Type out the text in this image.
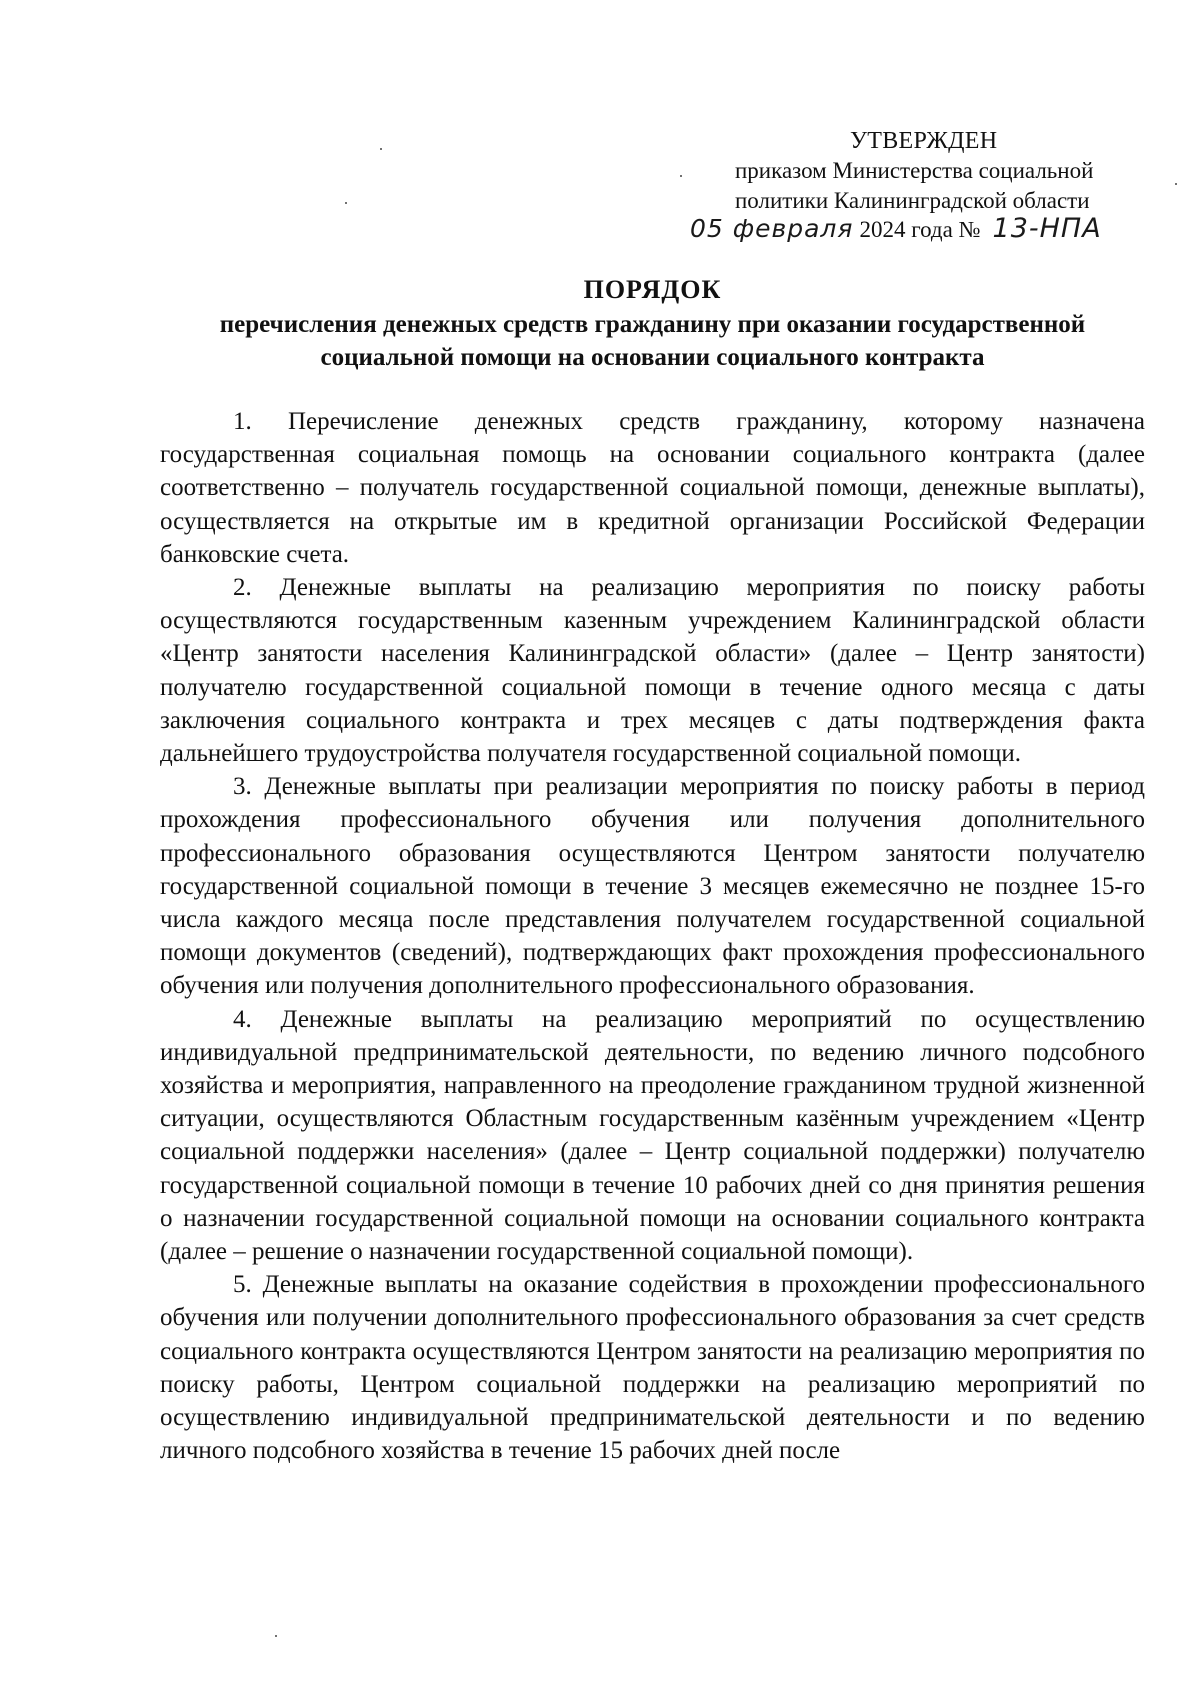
УТВЕРЖДЕН
приказом Министерства социальной
политики Калининградской области
05 февраля 2024 года № 13-НПА
ПОРЯДОК
перечисления денежных средств гражданину при оказании государственной
социальной помощи на основании социального контракта

1. Перечисление денежных средств гражданину, которому назначена государственная социальная помощь на основании социального контракта (далее соответственно – получатель государственной социальной помощи, денежные выплаты), осуществляется на открытые им в кредитной организации Российской Федерации банковские счета.

2. Денежные выплаты на реализацию мероприятия по поиску работы осуществляются государственным казенным учреждением Калининградской области «Центр занятости населения Калининградской области» (далее – Центр занятости) получателю государственной социальной помощи в течение одного месяца с даты заключения социального контракта и трех месяцев с даты подтверждения факта дальнейшего трудоустройства получателя государственной социальной помощи.

3. Денежные выплаты при реализации мероприятия по поиску работы в период прохождения профессионального обучения или получения дополнительного профессионального образования осуществляются Центром занятости получателю государственной социальной помощи в течение 3 месяцев ежемесячно не позднее 15-го числа каждого месяца после представления получателем государственной социальной помощи документов (сведений), подтверждающих факт прохождения профессионального обучения или получения дополнительного профессионального образования.

4. Денежные выплаты на реализацию мероприятий по осуществлению индивидуальной предпринимательской деятельности, по ведению личного подсобного хозяйства и мероприятия, направленного на преодоление гражданином трудной жизненной ситуации, осуществляются Областным государственным казённым учреждением «Центр социальной поддержки населения» (далее – Центр социальной поддержки) получателю государственной социальной помощи в течение 10 рабочих дней со дня принятия решения о назначении государственной социальной помощи на основании социального контракта (далее – решение о назначении государственной социальной помощи).

5. Денежные выплаты на оказание содействия в прохождении профессионального обучения или получении дополнительного профессионального образования за счет средств социального контракта осуществляются Центром занятости на реализацию мероприятия по поиску работы, Центром социальной поддержки на реализацию мероприятий по осуществлению индивидуальной предпринимательской деятельности и по ведению личного подсобного хозяйства в течение 15 рабочих дней после
